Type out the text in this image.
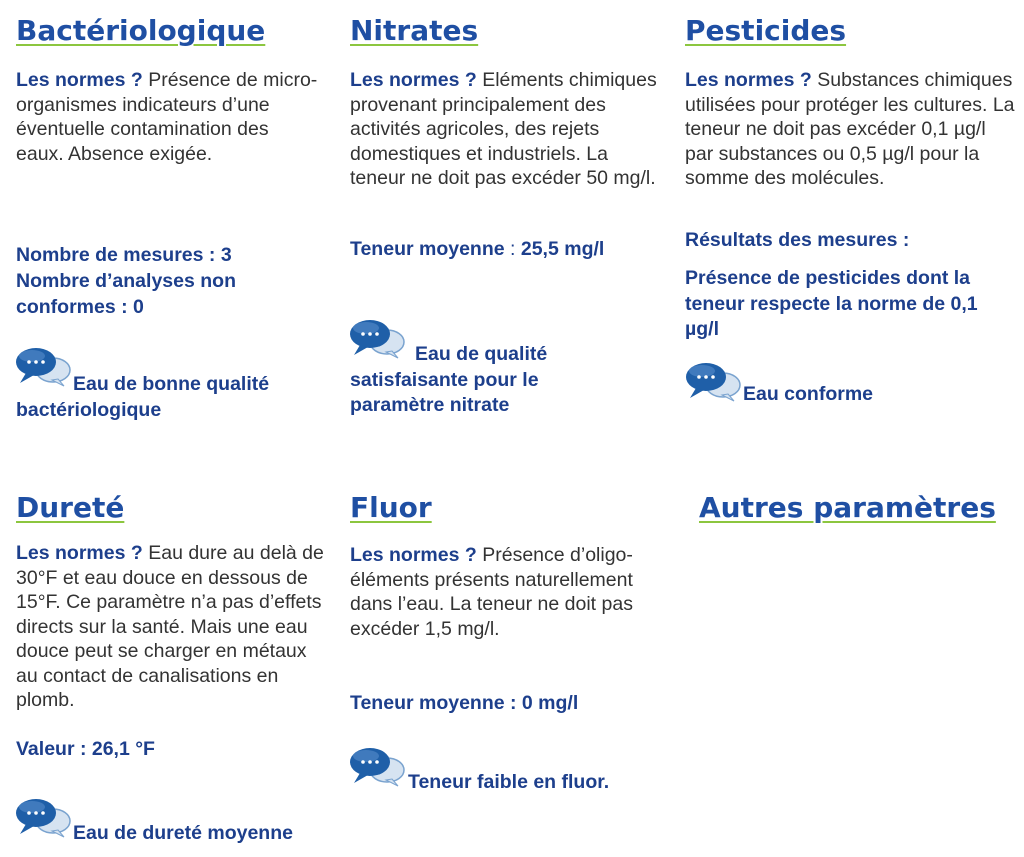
Bactériologique
Les normes ? Présence de micro-organismes indicateurs d’une éventuelle contamination des eaux. Absence exigée.
Nombre de mesures : 3
Nombre d’analyses non conformes : 0
Eau de bonne qualité bactériologique
Nitrates
Les normes ? Eléments chimiques provenant principalement des activités agricoles, des rejets domestiques et industriels. La teneur ne doit pas excéder 50 mg/l.
Teneur moyenne : 25,5 mg/l
Eau de qualité satisfaisante pour le paramètre nitrate
Pesticides
Les normes ? Substances chimiques utilisées pour protéger les cultures. La teneur ne doit pas excéder 0,1 µg/l par substances ou 0,5 µg/l pour la somme des molécules.
Résultats des mesures :
Présence de pesticides dont la teneur respecte la norme de 0,1 µg/l
Eau conforme
Dureté
Les normes ? Eau dure au delà de 30°F et eau douce en dessous de 15°F. Ce paramètre n’a pas d’effets directs sur la santé. Mais une eau douce peut se charger en métaux au contact de canalisations en plomb.
Valeur : 26,1 °F
Eau de dureté moyenne
Fluor
Les normes ? Présence d’oligo-éléments présents naturellement dans l’eau. La teneur ne doit pas excéder 1,5 mg/l.
Teneur moyenne : 0 mg/l
Teneur faible en fluor.
Autres paramètres
